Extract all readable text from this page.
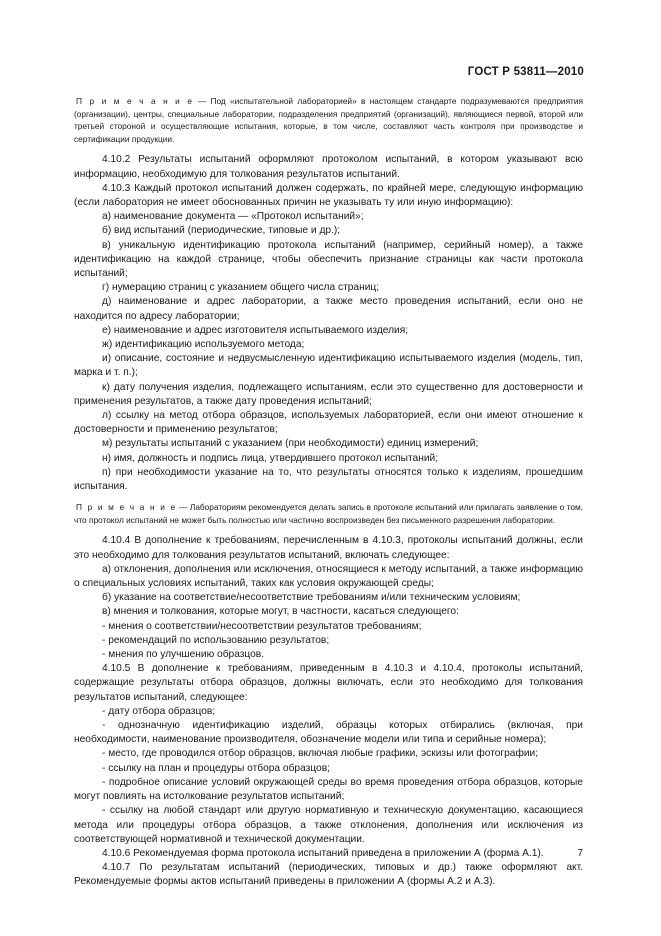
ГОСТ Р 53811—2010

П р и м е ч а н и е — Под «испытательной лабораторией» в настоящем стандарте подразумеваются предприятия (организации), центры, специальные лаборатории, подразделения предприятий (организаций), являющиеся первой, второй или третьей стороной и осуществляющие испытания, которые, в том числе, составляют часть контроля при производстве и сертификации продукции.

4.10.2 Результаты испытаний оформляют протоколом испытаний, в котором указывают всю информацию, необходимую для толкования результатов испытаний.

4.10.3 Каждый протокол испытаний должен содержать, по крайней мере, следующую информацию (если лаборатория не имеет обоснованных причин не указывать ту или иную информацию):

а) наименование документа — «Протокол испытаний»;

б) вид испытаний (периодические, типовые и др.);

в) уникальную идентификацию протокола испытаний (например, серийный номер), а также идентификацию на каждой странице, чтобы обеспечить признание страницы как части протокола испытаний;

г) нумерацию страниц с указанием общего числа страниц;

д) наименование и адрес лаборатории, а также место проведения испытаний, если оно не находится по адресу лаборатории;

е) наименование и адрес изготовителя испытываемого изделия;

ж) идентификацию используемого метода;

и) описание, состояние и недвусмысленную идентификацию испытываемого изделия (модель, тип, марка и т. п.);

к) дату получения изделия, подлежащего испытаниям, если это существенно для достоверности и применения результатов, а также дату проведения испытаний;

л) ссылку на метод отбора образцов, используемых лабораторией, если они имеют отношение к достоверности и применению результатов;

м) результаты испытаний с указанием (при необходимости) единиц измерений;

н) имя, должность и подпись лица, утвердившего протокол испытаний;

п) при необходимости указание на то, что результаты относятся только к изделиям, прошедшим испытания.

П р и м е ч а н и е — Лабораториям рекомендуется делать запись в протоколе испытаний или прилагать заявление о том, что протокол испытаний не может быть полностью или частично воспроизведен без письменного разрешения лаборатории.

4.10.4 В дополнение к требованиям, перечисленным в 4.10.3, протоколы испытаний должны, если это необходимо для толкования результатов испытаний, включать следующее:

а) отклонения, дополнения или исключения, относящиеся к методу испытаний, а также информацию о специальных условиях испытаний, таких как условия окружающей среды;

б) указание на соответствие/несоответствие требованиям и/или техническим условиям;

в) мнения и толкования, которые могут, в частности, касаться следующего:

- мнения о соответствии/несоответствии результатов требованиям;

- рекомендаций по использованию результатов;

- мнения по улучшению образцов.

4.10.5 В дополнение к требованиям, приведенным в 4.10.3 и 4.10.4, протоколы испытаний, содержащие результаты отбора образцов, должны включать, если это необходимо для толкования результатов испытаний, следующее:

- дату отбора образцов;

- однозначную идентификацию изделий, образцы которых отбирались (включая, при необходимости, наименование производителя, обозначение модели или типа и серийные номера);

- место, где проводился отбор образцов, включая любые графики, эскизы или фотографии;

- ссылку на план и процедуры отбора образцов;

- подробное описание условий окружающей среды во время проведения отбора образцов, которые могут повлиять на истолкование результатов испытаний;

- ссылку на любой стандарт или другую нормативную и техническую документацию, касающиеся метода или процедуры отбора образцов, а также отклонения, дополнения или исключения из соответствующей нормативной и технической документации.

4.10.6 Рекомендуемая форма протокола испытаний приведена в приложении А (форма А.1).

4.10.7 По результатам испытаний (периодических, типовых и др.) также оформляют акт. Рекомендуемые формы актов испытаний приведены в приложении А (формы А.2 и А.3).

7
